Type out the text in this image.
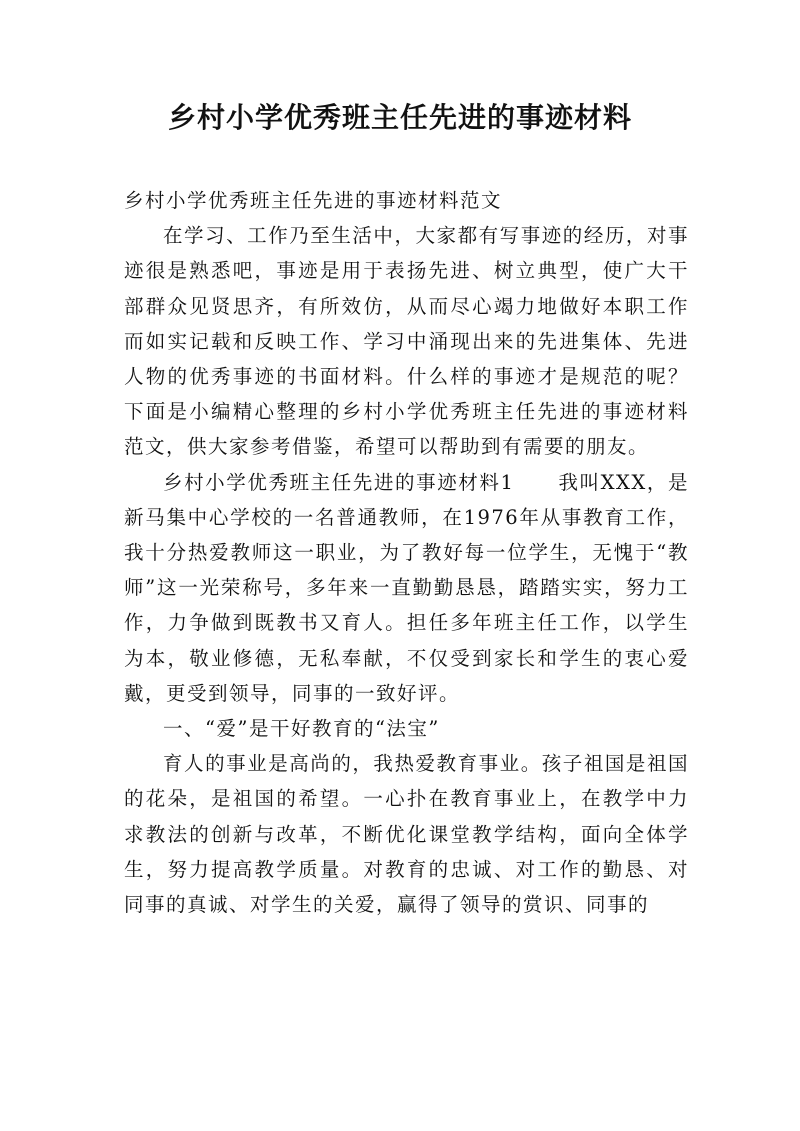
乡村小学优秀班主任先进的事迹材料

乡村小学优秀班主任先进的事迹材料范文

在学习、工作乃至生活中，大家都有写事迹的经历，对事迹很是熟悉吧，事迹是用于表扬先进、树立典型，使广大干部群众见贤思齐，有所效仿，从而尽心竭力地做好本职工作而如实记载和反映工作、学习中涌现出来的先进集体、先进人物的优秀事迹的书面材料。什么样的事迹才是规范的呢？下面是小编精心整理的乡村小学优秀班主任先进的事迹材料范文，供大家参考借鉴，希望可以帮助到有需要的朋友。

乡村小学优秀班主任先进的事迹材料1 我叫XXX，是新马集中心学校的一名普通教师，在1976年从事教育工作，我十分热爱教师这一职业，为了教好每一位学生，无愧于“教师”这一光荣称号，多年来一直勤勤恳恳，踏踏实实，努力工作，力争做到既教书又育人。担任多年班主任工作，以学生为本，敬业修德，无私奉献，不仅受到家长和学生的衷心爱戴，更受到领导，同事的一致好评。

一、“爱”是干好教育的“法宝”

育人的事业是高尚的，我热爱教育事业。孩子祖国是祖国的花朵，是祖国的希望。一心扑在教育事业上，在教学中力求教法的创新与改革，不断优化课堂教学结构，面向全体学生，努力提高教学质量。对教育的忠诚、对工作的勤恳、对同事的真诚、对学生的关爱，赢得了领导的赏识、同事的
